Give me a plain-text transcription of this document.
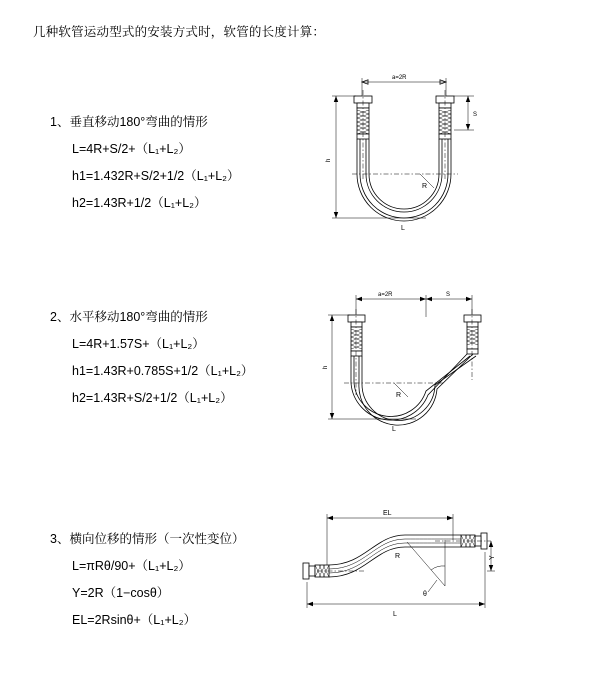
几种软管运动型式的安装方式时，软管的长度计算：
1、垂直移动180°弯曲的情形
L=4R+S/2+（L₁+L₂）
h1=1.432R+S/2+1/2（L₁+L₂）
h2=1.43R+1/2（L₁+L₂）
a=2R
R
h
S
L
2、水平移动180°弯曲的情形
L=4R+1.57S+（L₁+L₂）
h1=1.43R+0.785S+1/2（L₁+L₂）
h2=1.43R+S/2+1/2（L₁+L₂）
a=2R	S
R
h
L
3、横向位移的情形（一次性变位）
L=πRθ/90+（L₁+L₂）
Y=2R（1−cosθ）
EL=2Rsinθ+（L₁+L₂）
EL
θ
R	Y
L
